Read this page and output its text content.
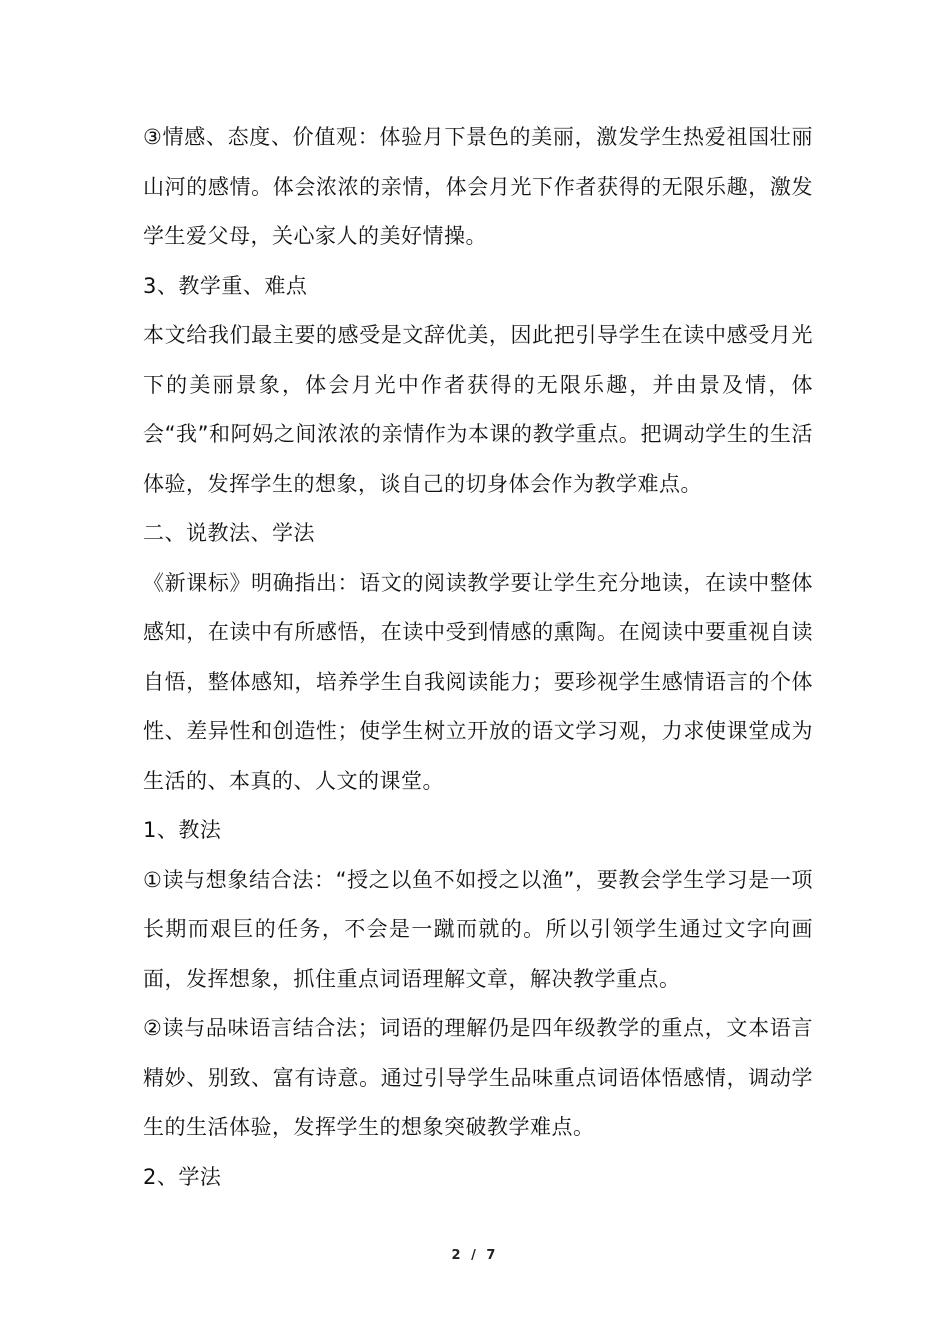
③情感、态度、价值观：体验月下景色的美丽，激发学生热爱祖国壮丽山河的感情。体会浓浓的亲情，体会月光下作者获得的无限乐趣，激发学生爱父母，关心家人的美好情操。

3、教学重、难点

本文给我们最主要的感受是文辞优美，因此把引导学生在读中感受月光下的美丽景象，体会月光中作者获得的无限乐趣，并由景及情，体会“我”和阿妈之间浓浓的亲情作为本课的教学重点。把调动学生的生活体验，发挥学生的想象，谈自己的切身体会作为教学难点。

二、说教法、学法

《新课标》明确指出：语文的阅读教学要让学生充分地读，在读中整体感知，在读中有所感悟，在读中受到情感的熏陶。在阅读中要重视自读自悟，整体感知，培养学生自我阅读能力；要珍视学生感情语言的个体性、差异性和创造性；使学生树立开放的语文学习观，力求使课堂成为生活的、本真的、人文的课堂。

1、教法

①读与想象结合法：“授之以鱼不如授之以渔”，要教会学生学习是一项长期而艰巨的任务，不会是一蹴而就的。所以引领学生通过文字向画面，发挥想象，抓住重点词语理解文章，解决教学重点。

②读与品味语言结合法；词语的理解仍是四年级教学的重点，文本语言精妙、别致、富有诗意。通过引导学生品味重点词语体悟感情，调动学生的生活体验，发挥学生的想象突破教学难点。

2、学法

2 / 7
